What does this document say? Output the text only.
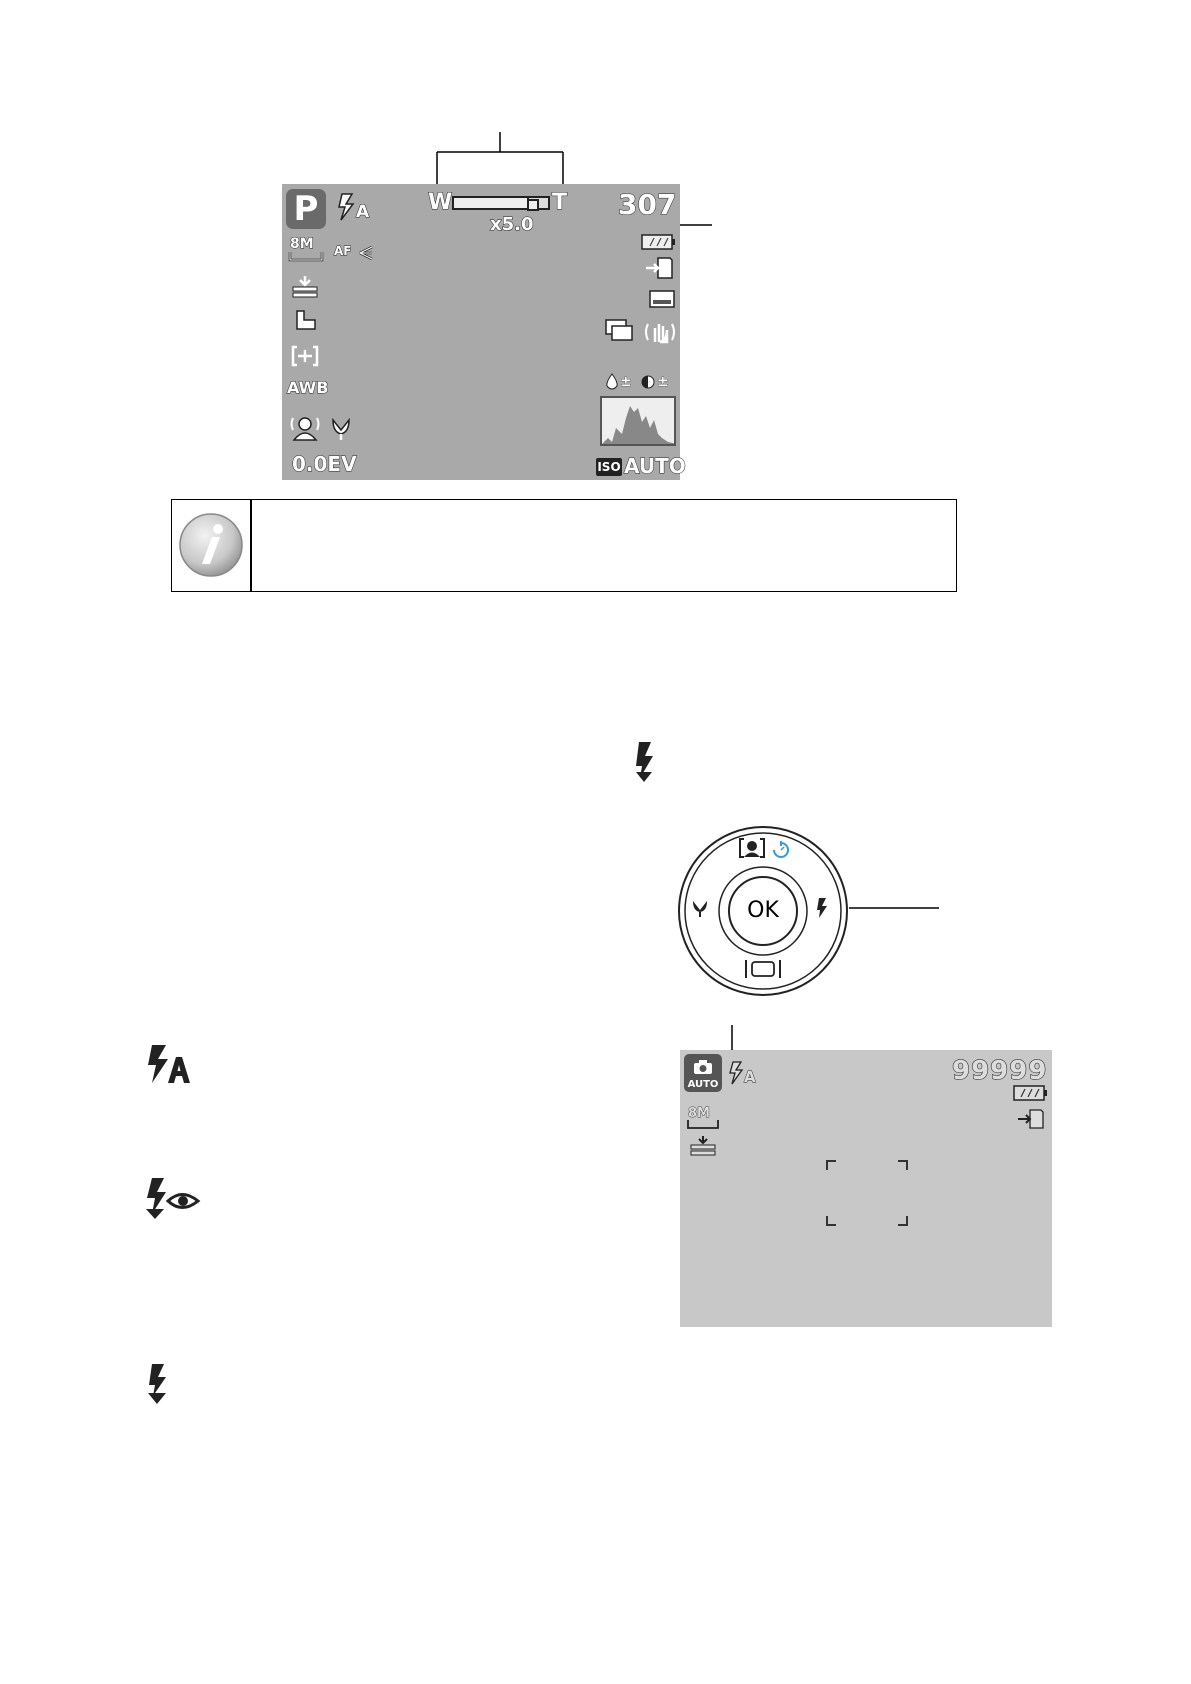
P	A	W	T
x5.0
307
8M AF
AWB
0.0EV
± ±
ISO AUTO
OK
AUTO A	99999
8M
